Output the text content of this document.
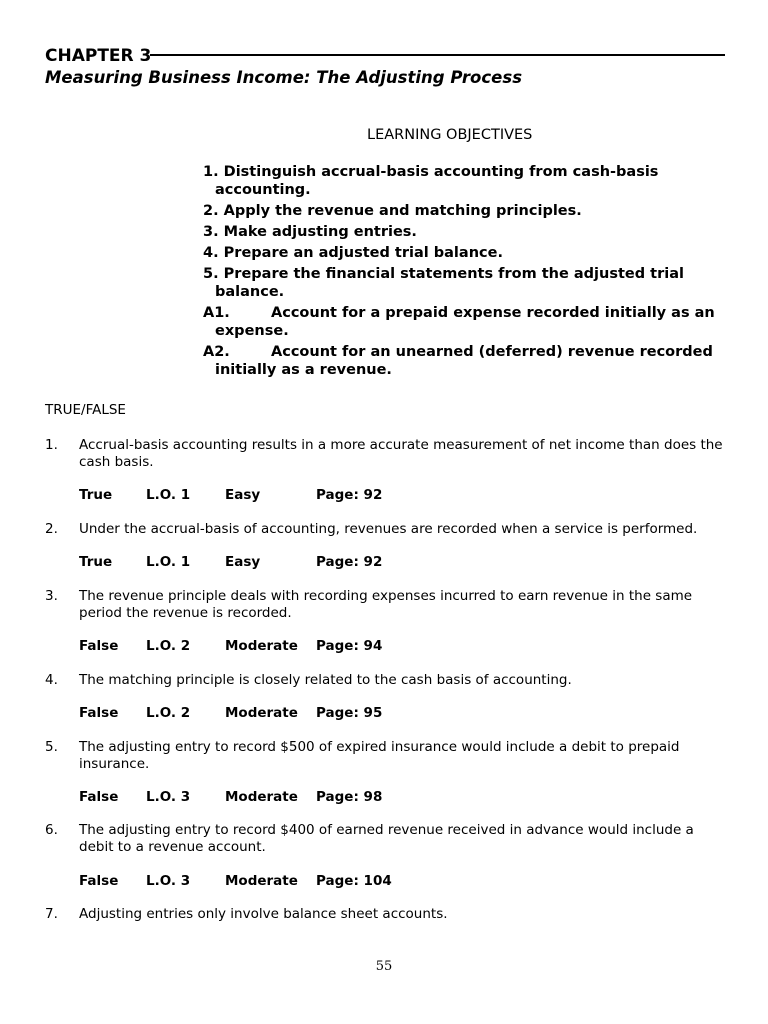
CHAPTER 3
Measuring Business Income: The Adjusting Process
LEARNING OBJECTIVES
1. Distinguish accrual-basis accounting from cash-basis accounting.
2. Apply the revenue and matching principles.
3. Make adjusting entries.
4. Prepare an adjusted trial balance.
5. Prepare the financial statements from the adjusted trial balance.
A1.	Account for a prepaid expense recorded initially as an expense.
A2.	Account for an unearned (deferred) revenue recorded initially as a revenue.
TRUE/FALSE
1. Accrual-basis accounting results in a more accurate measurement of net income than does the cash basis.
True	L.O. 1	Easy	Page: 92
2. Under the accrual-basis of accounting, revenues are recorded when a service is performed.
True	L.O. 1	Easy	Page: 92
3. The revenue principle deals with recording expenses incurred to earn revenue in the same period the revenue is recorded.
False L.O. 2	Moderate Page: 94
4. The matching principle is closely related to the cash basis of accounting.
False L.O. 2	Moderate Page: 95
5. The adjusting entry to record $500 of expired insurance would include a debit to prepaid insurance.
False L.O. 3	Moderate Page: 98
6. The adjusting entry to record $400 of earned revenue received in advance would include a debit to a revenue account.
False L.O. 3	Moderate Page: 104
7. Adjusting entries only involve balance sheet accounts.
55
